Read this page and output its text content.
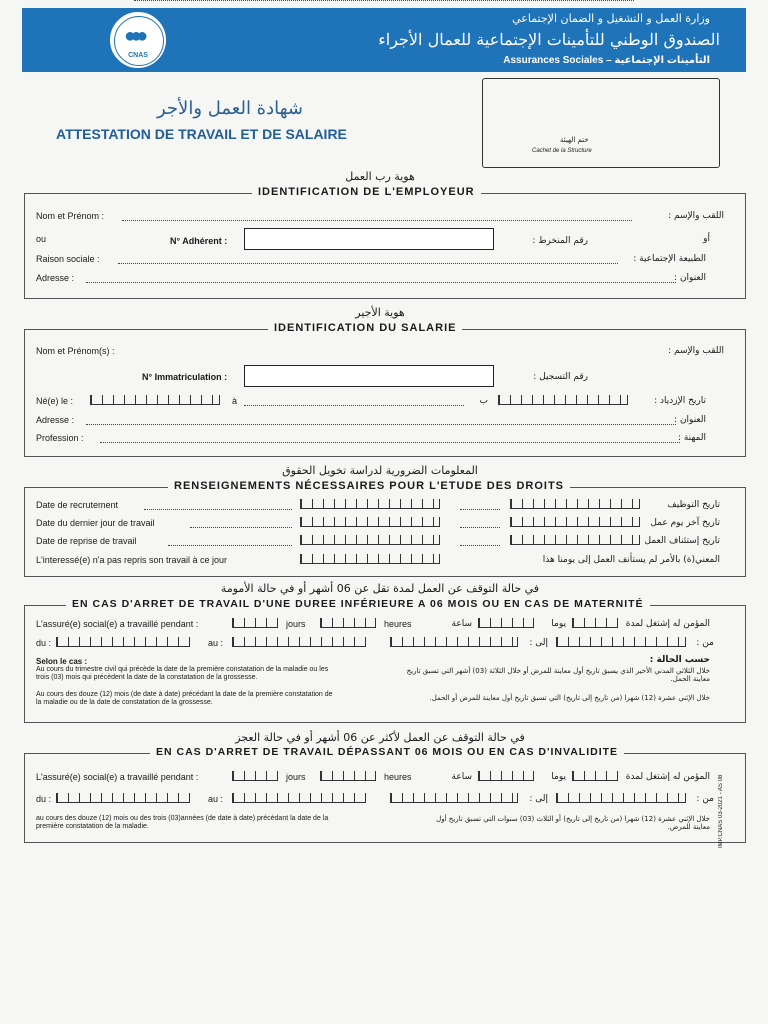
●●●
CNAS
وزارة العمل و التشغيل و الضمان الإجتماعي
الصندوق الوطني للتأمينات الإجتماعية للعمال الأجراء
Assurances Sociales – التأمينات الإجتماعية
شهادة العمل والأجر
ATTESTATION DE TRAVAIL ET DE SALAIRE	ختم الهيئة
Cachet de la Structure
هوية رب العمل
IDENTIFICATION DE L'EMPLOYEUR
Nom et Prénom :	اللقب والإسم :
ou	N° Adhérent :	رقم المنخرط :	أو
Raison sociale :	الطبيعة الإجتماعية :
Adresse :	العنوان :
هوية الأجير
IDENTIFICATION DU SALARIE
Nom et Prénom(s) :	اللقب والإسم :
N° Immatriculation :	رقم التسجيل :
Né(e) le :	à	ب	تاريخ الإزدياد :
Adresse :	العنوان :
Profession :	المهنة :
المعلومات الضرورية لدراسة تخويل الحقوق
RENSEIGNEMENTS NÉCESSAIRES POUR L'ETUDE DES DROITS
Date de recrutement	تاريخ التوظيف
Date du dernier jour de travail	تاريخ آخر يوم عمل
Date de reprise de travail	تاريخ إستئناف العمل
L'interessé(e) n'a pas repris son travail à ce jour	المعني(ة) بالأمر لم يستأنف العمل إلى يومنا هذا
في حالة التوقف عن العمل لمدة تقل عن 06 أشهر أو في حالة الأمومة
EN CAS D'ARRET DE TRAVAIL D'UNE DUREE INFÉRIEURE A 06 MOIS OU EN CAS DE MATERNITÉ
L'assuré(e) social(e) a travaillé pendant :	jours	heures	ساعة	يوما	المؤمن له إشتغل لمدة
du :	au :	إلى :	من :
Selon le cas :	حسب الحالة :
Au cours du trimestre civil qui précède la date de la première constatation de la maladie ou les trois (03) mois qui précèdent la date de la constatation de la grossesse.
Au cours des douze (12) mois (de date à date) précédant la date de la première constatation de la maladie ou de la date de constatation de la grossesse.
خلال الثلاثي المدني الأخير الذي يسبق تاريخ أول معاينة للمرض أو خلال الثلاثة (03) أشهر التي تسبق تاريخ معاينة الحمل.
خلال الإثني عشرة (12) شهرا (من تاريخ إلى تاريخ) التي تسبق تاريخ أول معاينة للمرض أو الحمل.
في حالة التوقف عن العمل لأكثر عن 06 أشهر أو في حالة العجز
EN CAS D'ARRET DE TRAVAIL DÉPASSANT 06 MOIS OU EN CAS D'INVALIDITE
L'assuré(e) social(e) a travaillé pendant :	jours	heures	ساعة	يوما	المؤمن له إشتغل لمدة
du :	au :	إلى :	من :
au cours des douze (12) mois ou des trois (03)années (de date à date) précédant la date de la première constatation de la maladie.
خلال الإثني عشرة (12) شهرا (من تاريخ إلى تاريخ) أو الثلاث (03) سنوات التي تسبق تاريخ أول معاينة للمرض. IMP.CNAS 03-2021 - AS 08
